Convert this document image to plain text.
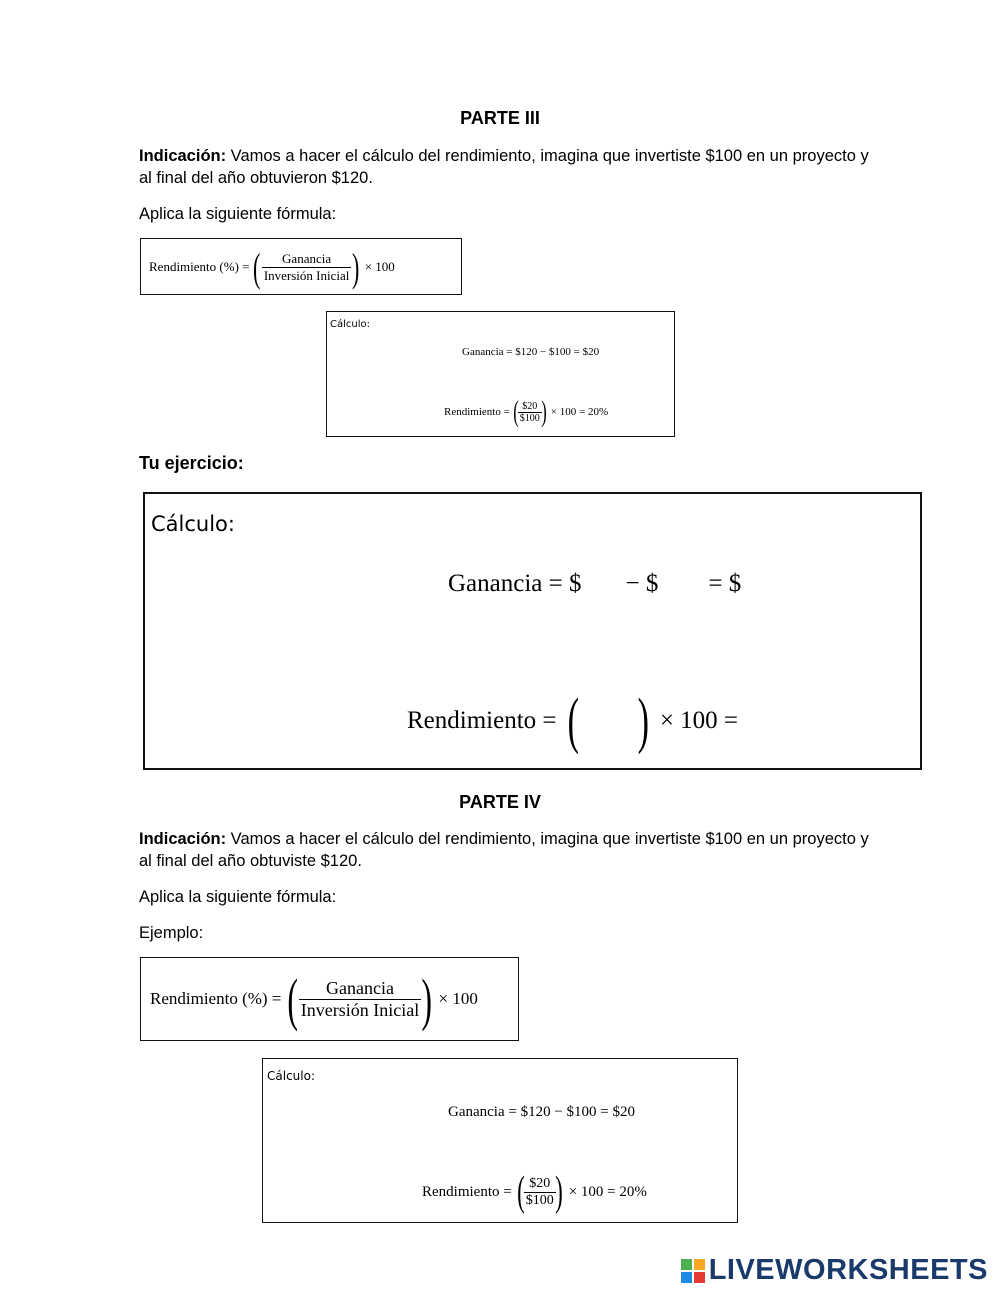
PARTE III
Indicación: Vamos a hacer el cálculo del rendimiento, imagina que invertiste $100 en un proyecto y al final del año obtuvieron $120.
Aplica la siguiente fórmula:
Rendimiento (%) = ( $\frac{\text{Ganancia}}{\text{Inversión Inicial}}$ ) × 100
Cálculo:
Ganancia = $120 − $100 = $20
Rendimiento = ( $\frac{\$20}{\$100}$ ) × 100 = 20%
Tu ejercicio:
Cálculo:
Ganancia = $ − $ = $
Rendimiento = ( ) × 100 =
PARTE IV
Indicación: Vamos a hacer el cálculo del rendimiento, imagina que invertiste $100 en un proyecto y al final del año obtuviste $120.
Aplica la siguiente fórmula:
Ejemplo:
Rendimiento (%) = ( $\frac{\text{Ganancia}}{\text{Inversión Inicial}}$ ) × 100
Cálculo:
Ganancia = $120 − $100 = $20
Rendimiento = ( $\frac{\$20}{\$100}$ ) × 100 = 20%
LIVEWORKSHEETS
